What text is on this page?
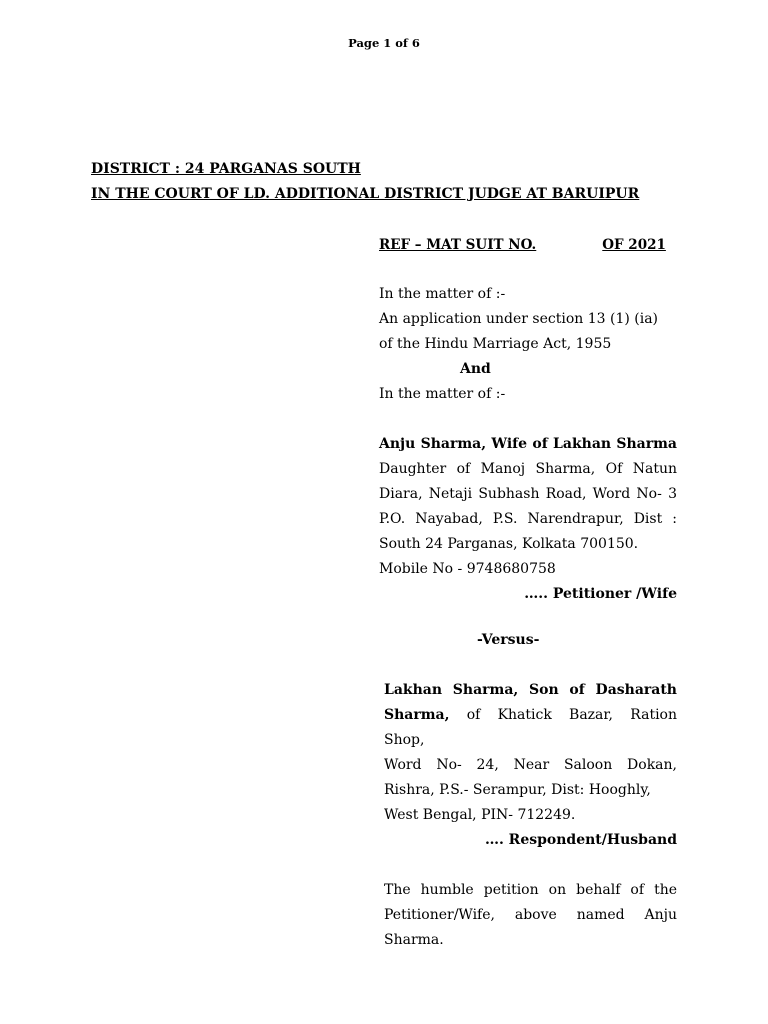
Page 1 of 6
DISTRICT : 24 PARGANAS SOUTH
IN THE COURT OF LD. ADDITIONAL DISTRICT JUDGE AT BARUIPUR
REF – MAT SUIT NO.	OF 2021
In the matter of :-
An application under section 13 (1) (ia)
of the Hindu Marriage Act, 1955
And
In the matter of :-
Anju Sharma, Wife of Lakhan Sharma
Daughter of Manoj Sharma, Of Natun
Diara, Netaji Subhash Road, Word No- 3
P.O. Nayabad, P.S. Narendrapur, Dist :
South 24 Parganas, Kolkata 700150.
Mobile No - 9748680758
….. Petitioner /Wife
-Versus-
Lakhan Sharma, Son of Dasharath
Sharma, of Khatick Bazar, Ration
Shop,
Word No- 24, Near Saloon Dokan,
Rishra, P.S.- Serampur, Dist: Hooghly,
West Bengal, PIN- 712249.
…. Respondent/Husband
The humble petition on behalf of the
Petitioner/Wife, above named Anju
Sharma.
